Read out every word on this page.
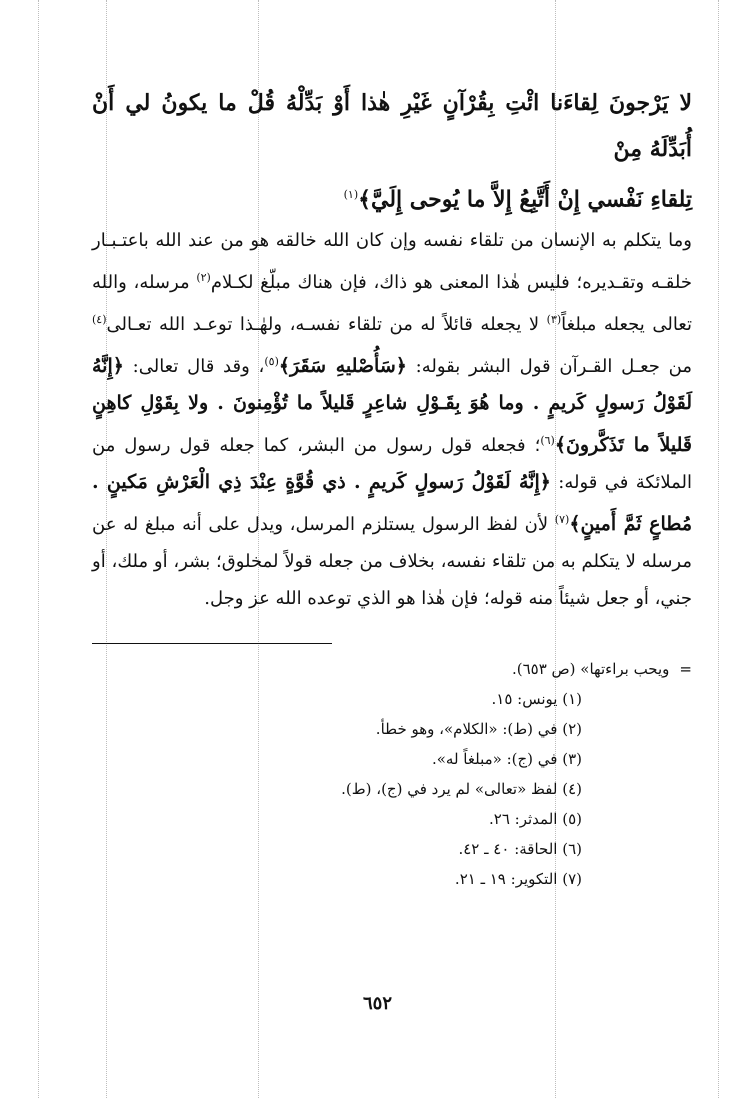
لا يَرْجونَ لِقاءَنا ائْتِ بِقُرْآنٍ غَيْرِ هٰذا أَوْ بَدِّلْهُ قُلْ ما يكونُ لي أَنْ أُبَدِّلَهُ مِنْ
تِلقاءِ نَفْسي إِنْ أَتَّبِعُ إِلاَّ ما يُوحى إِلَيَّ﴾$^{(١)}$

وما يتكلم به الإنسان من تلقاء نفسه وإن كان الله خالقه هو من عند الله باعتـبـار خلقـه وتقـديره؛ فليس هٰذا المعنى هو ذاك، فإن هناك مبلّغ لكـلام$^{(٢)}$ مرسله، والله تعالى يجعله مبلغاً$^{(٣)}$ لا يجعله قائلاً له من تلقاء نفسـه، ولهٰـذا توعـد الله تعـالى$^{(٤)}$ من جعـل القـرآن قول البشر بقوله: ﴿سَأُصْليهِ سَقَرَ﴾$^{(٥)}$، وقد قال تعالى: ﴿إِنَّهُ لَقَوْلُ رَسولٍ كَريمٍ . وما هُوَ بِقَـوْلِ شاعِرٍ قَليلاً ما تُؤْمِنونَ . ولا بِقَوْلِ كاهِنٍ قَليلاً ما تَذَكَّرونَ﴾$^{(٦)}$؛ فجعله قول رسول من البشر، كما جعله قول رسول من الملائكة في قوله: ﴿إِنَّهُ لَقَوْلُ رَسولٍ كَريمٍ . ذي قُوَّةٍ عِنْدَ ذِي الْعَرْشِ مَكينٍ . مُطاعٍ ثَمَّ أَمينٍ﴾$^{(٧)}$ لأن لفظ الرسول يستلزم المرسل، ويدل على أنه مبلغ له عن مرسله لا يتكلم به من تلقاء نفسه، بخلاف من جعله قولاً لمخلوق؛ بشر، أو ملك، أو جني، أو جعل شيئاً منه قوله؛ فإن هٰذا هو الذي توعده الله عز وجل.

=ويحب براءتها» (ص ٦٥٣).
(١) يونس: ١٥.
(٢) في (ط): «الكلام»، وهو خطأ.
(٣) في (ج): «مبلغاً له».
(٤) لفظ «تعالى» لم يرد في (ج)، (ط).
(٥) المدثر: ٢٦.
(٦) الحاقة: ٤٠ ـ ٤٢.
(٧) التكوير: ١٩ ـ ٢١.
٦٥٢
